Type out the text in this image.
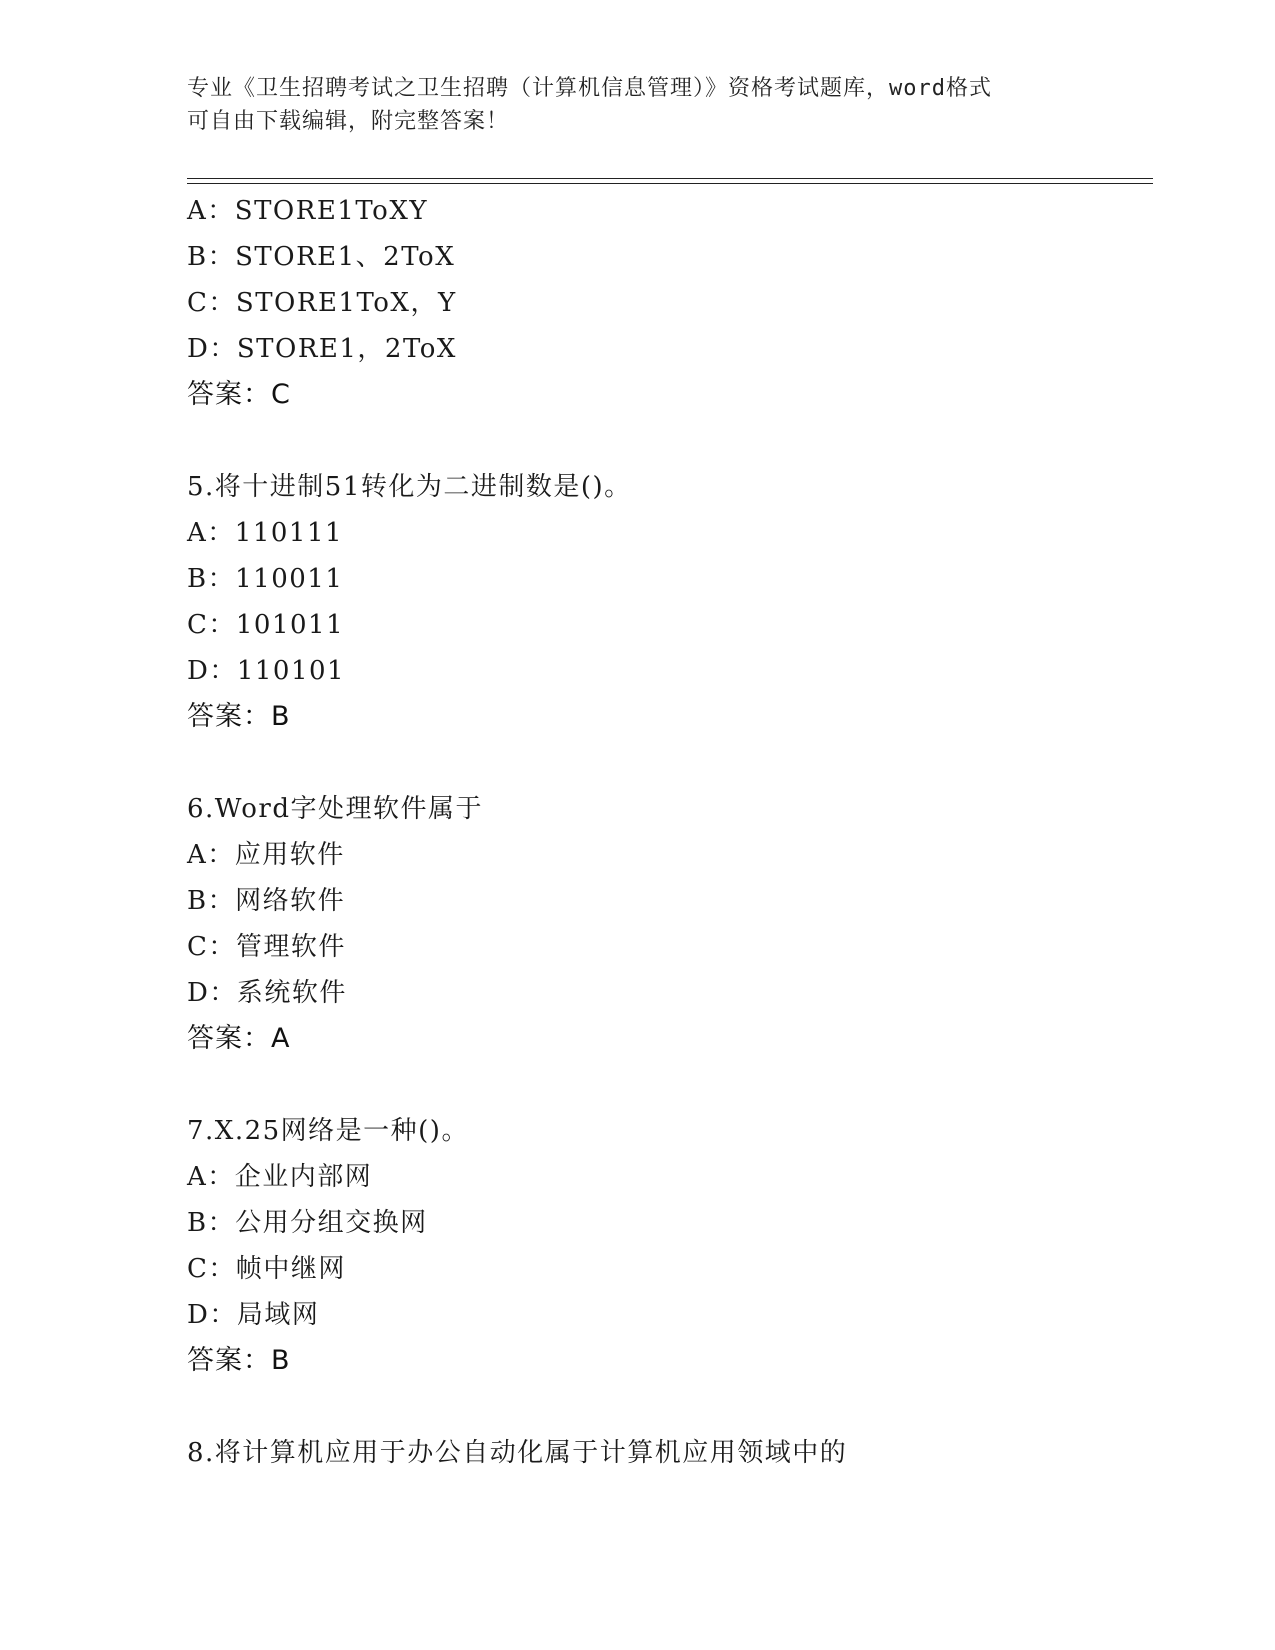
专业《卫生招聘考试之卫生招聘（计算机信息管理）》资格考试题库，word格式
可自由下载编辑，附完整答案！
A：STORE1ToXY
B：STORE1、2ToX
C：STORE1ToX，Y
D：STORE1，2ToX
答案：C
5.将十进制51转化为二进制数是()。
A：110111
B：110011
C：101011
D：110101
答案：B
6.Word字处理软件属于
A：应用软件
B：网络软件
C：管理软件
D：系统软件
答案：A
7.X.25网络是一种()。
A：企业内部网
B：公用分组交换网
C：帧中继网
D：局域网
答案：B
8.将计算机应用于办公自动化属于计算机应用领域中的
